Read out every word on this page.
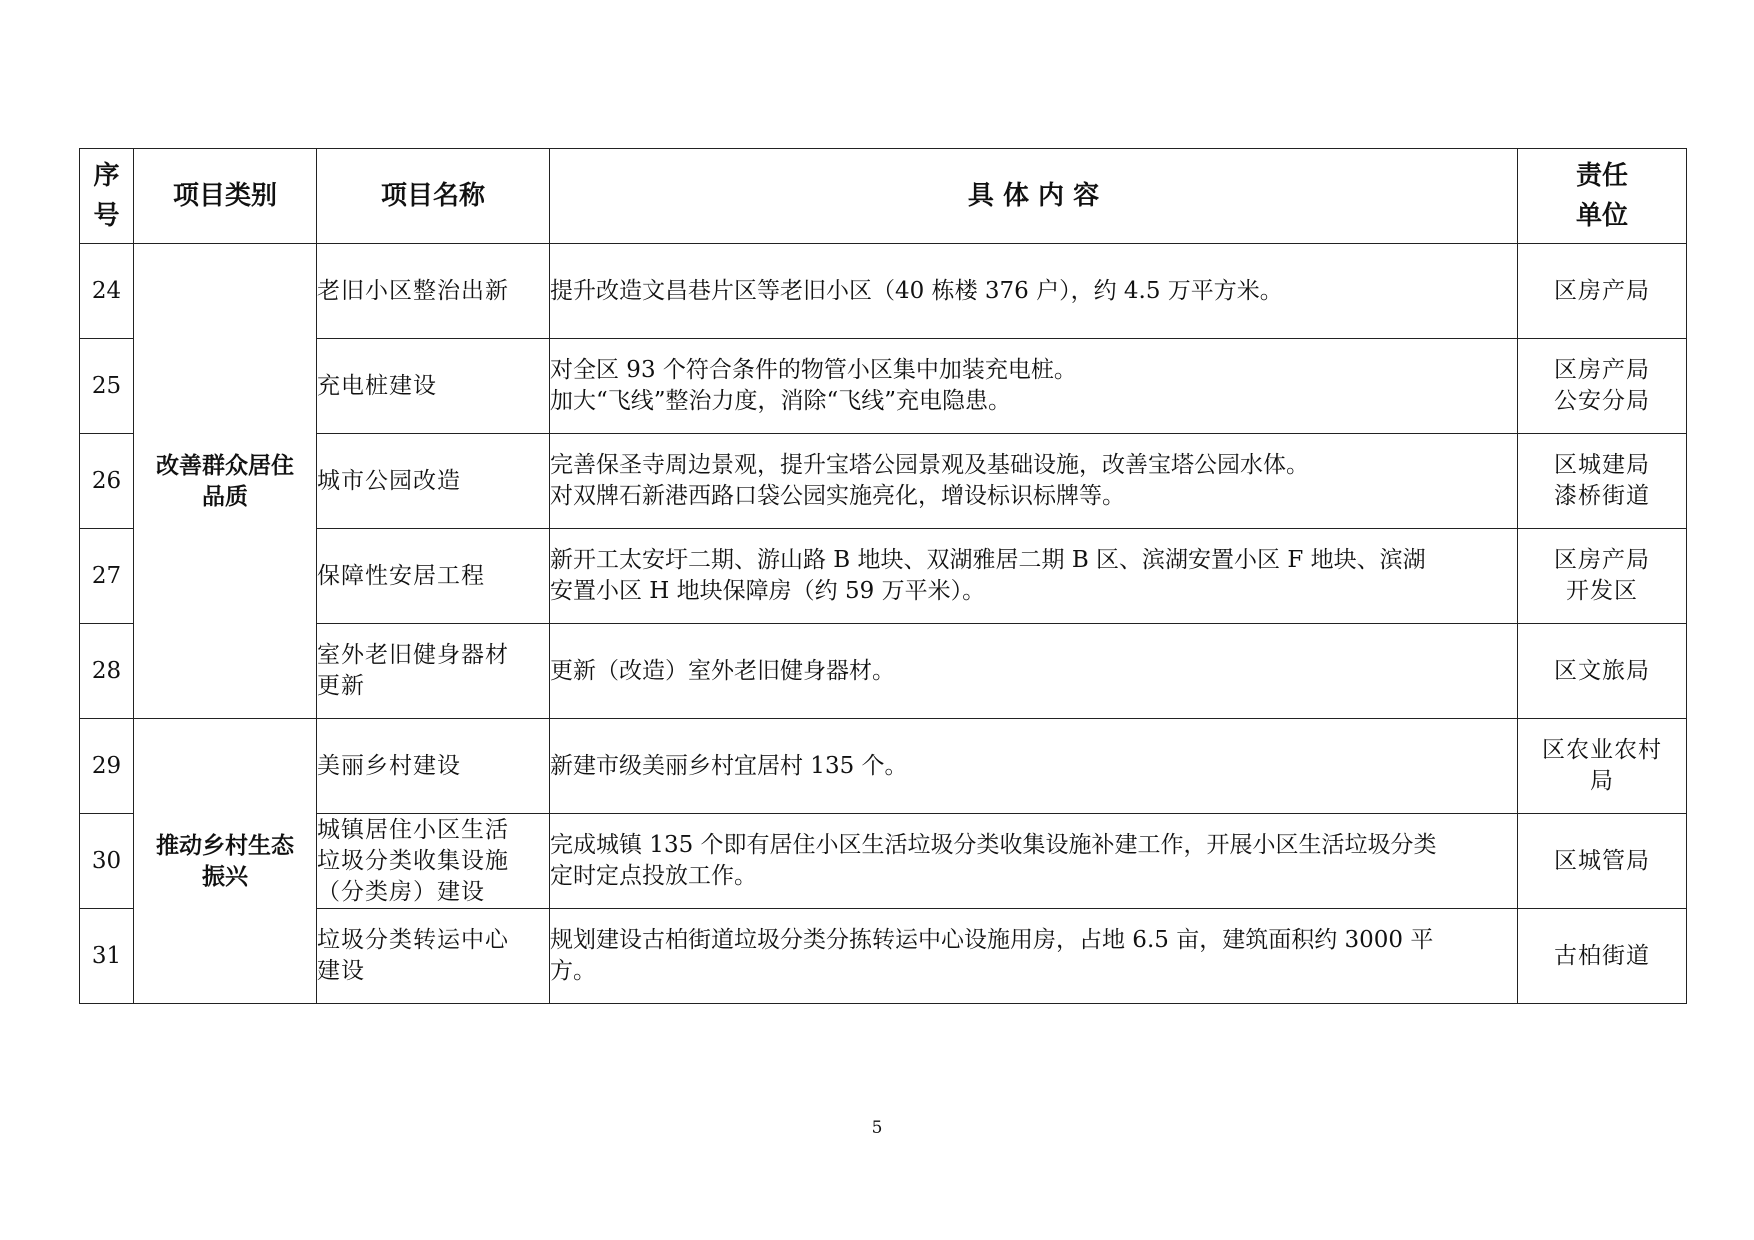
序
号	项目类别	项目名称	具 体 内 容	责任
单位

24	改善群众居住
品质	老旧小区整治出新	提升改造文昌巷片区等老旧小区（40 栋楼 376 户），约 4.5 万平方米。	区房产局

25		充电桩建设	对全区 93 个符合条件的物管小区集中加装充电桩。
加大“飞线”整治力度，消除“飞线”充电隐患。	区房产局
公安分局

26		城市公园改造	完善保圣寺周边景观，提升宝塔公园景观及基础设施，改善宝塔公园水体。
对双牌石新港西路口袋公园实施亮化，增设标识标牌等。	区城建局
漆桥街道

27		保障性安居工程	新开工太安圩二期、游山路 B 地块、双湖雅居二期 B 区、滨湖安置小区 F 地块、滨湖
安置小区 H 地块保障房（约 59 万平米）。	区房产局
开发区

28		室外老旧健身器材
更新	更新（改造）室外老旧健身器材。	区文旅局

29	推动乡村生态
振兴	美丽乡村建设	新建市级美丽乡村宜居村 135 个。	区农业农村
局

30		城镇居住小区生活
垃圾分类收集设施
（分类房）建设	完成城镇 135 个即有居住小区生活垃圾分类收集设施补建工作，开展小区生活垃圾分类
定时定点投放工作。	区城管局

31		垃圾分类转运中心
建设	规划建设古柏街道垃圾分类分拣转运中心设施用房，占地 6.5 亩，建筑面积约 3000 平
方。	古柏街道
5
